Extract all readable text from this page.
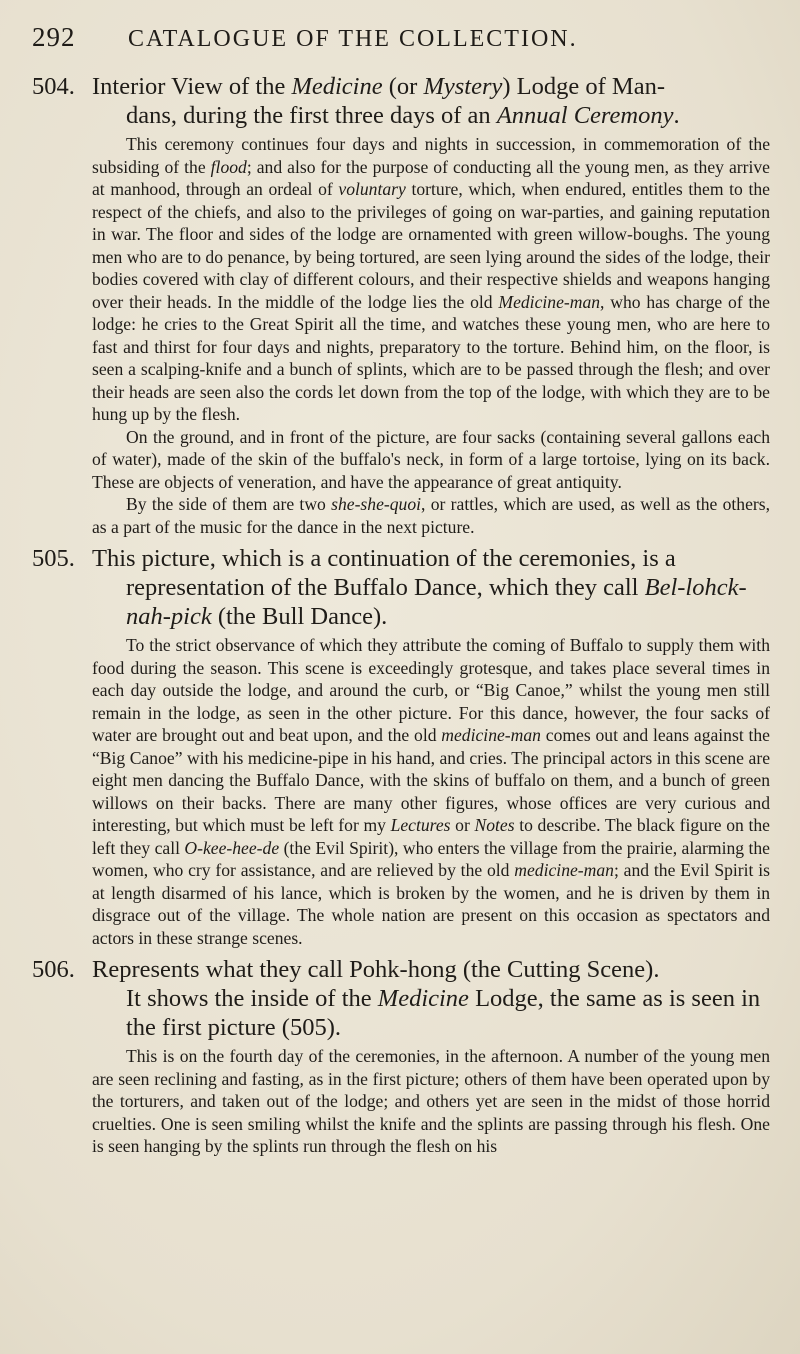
292	CATALOGUE OF THE COLLECTION.
504. Interior View of the Medicine (or Mystery) Lodge of Man-
dans, during the first three days of an Annual Ceremony.

This ceremony continues four days and nights in succession, in commemoration of the subsiding of the flood; and also for the purpose of conducting all the young men, as they arrive at manhood, through an ordeal of voluntary torture, which, when endured, entitles them to the respect of the chiefs, and also to the privileges of going on war-parties, and gaining reputation in war. The floor and sides of the lodge are ornamented with green willow-boughs. The young men who are to do penance, by being tortured, are seen lying around the sides of the lodge, their bodies covered with clay of different colours, and their respective shields and weapons hanging over their heads. In the middle of the lodge lies the old Medicine-man, who has charge of the lodge: he cries to the Great Spirit all the time, and watches these young men, who are here to fast and thirst for four days and nights, preparatory to the torture. Behind him, on the floor, is seen a scalping-knife and a bunch of splints, which are to be passed through the flesh; and over their heads are seen also the cords let down from the top of the lodge, with which they are to be hung up by the flesh.

On the ground, and in front of the picture, are four sacks (containing several gallons each of water), made of the skin of the buffalo's neck, in form of a large tortoise, lying on its back. These are objects of veneration, and have the appearance of great antiquity.

By the side of them are two she-she-quoi, or rattles, which are used, as well as the others, as a part of the music for the dance in the next picture.

505. This picture, which is a continuation of the ceremonies, is a
representation of the Buffalo Dance, which they call Bel-lohck-nah-pick (the Bull Dance).

To the strict observance of which they attribute the coming of Buffalo to supply them with food during the season. This scene is exceedingly grotesque, and takes place several times in each day outside the lodge, and around the curb, or “Big Canoe,” whilst the young men still remain in the lodge, as seen in the other picture. For this dance, however, the four sacks of water are brought out and beat upon, and the old medicine-man comes out and leans against the “Big Canoe” with his medicine-pipe in his hand, and cries. The principal actors in this scene are eight men dancing the Buffalo Dance, with the skins of buffalo on them, and a bunch of green willows on their backs. There are many other figures, whose offices are very curious and interesting, but which must be left for my Lectures or Notes to describe. The black figure on the left they call O-kee-hee-de (the Evil Spirit), who enters the village from the prairie, alarming the women, who cry for assistance, and are relieved by the old medicine-man; and the Evil Spirit is at length disarmed of his lance, which is broken by the women, and he is driven by them in disgrace out of the village. The whole nation are present on this occasion as spectators and actors in these strange scenes.

506. Represents what they call Pohk-hong (the Cutting Scene).
It shows the inside of the Medicine Lodge, the same as is seen in the first picture (505).

This is on the fourth day of the ceremonies, in the afternoon. A number of the young men are seen reclining and fasting, as in the first picture; others of them have been operated upon by the torturers, and taken out of the lodge; and others yet are seen in the midst of those horrid cruelties. One is seen smiling whilst the knife and the splints are passing through his flesh. One is seen hanging by the splints run through the flesh on his
